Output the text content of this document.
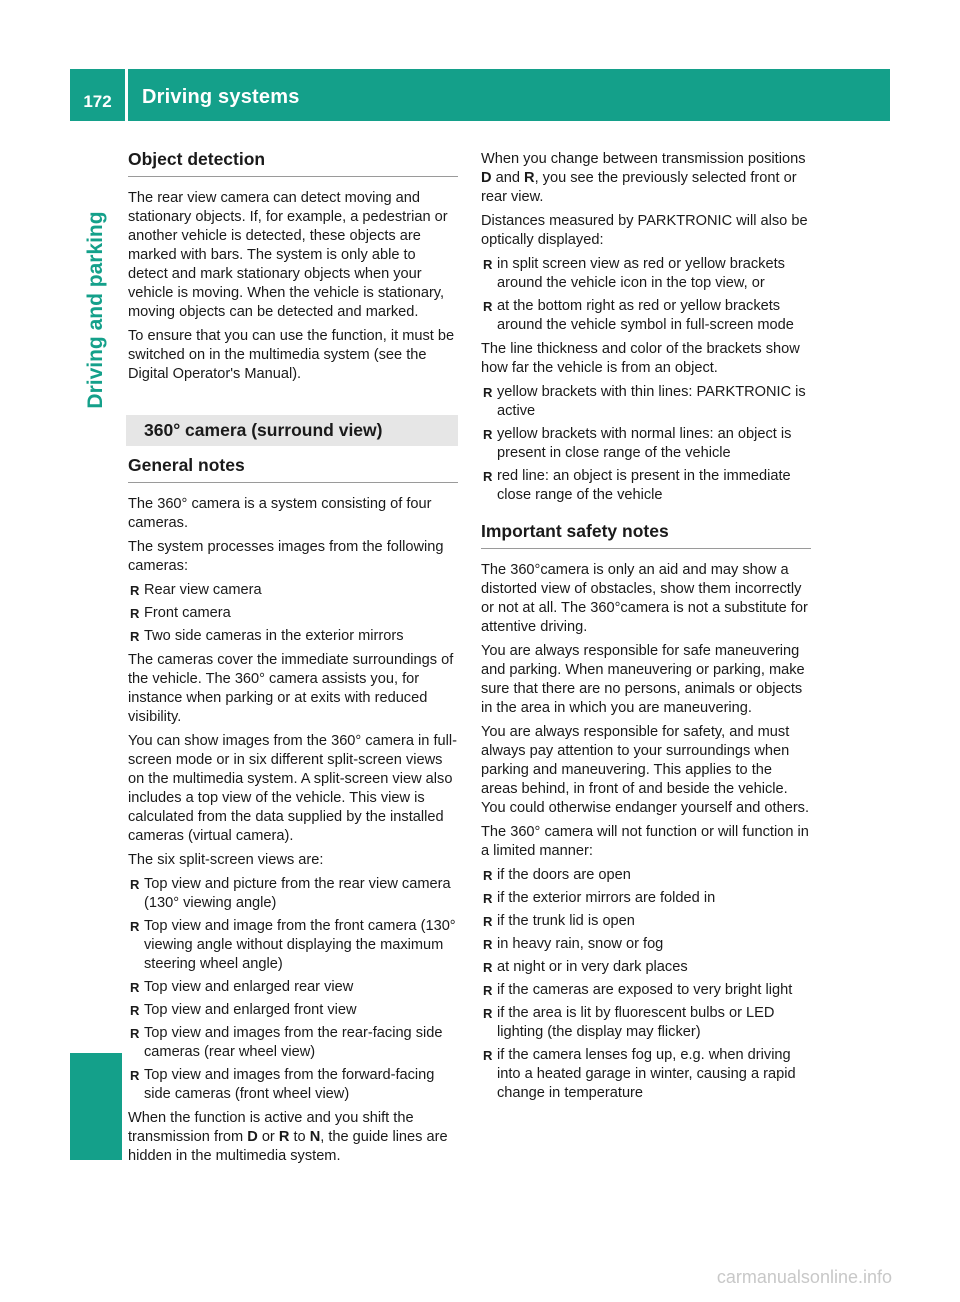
172	Driving systems
Driving and parking
Object detection

The rear view camera can detect moving and stationary objects. If, for example, a pedestrian or another vehicle is detected, these objects are marked with bars. The system is only able to detect and mark stationary objects when your vehicle is moving. When the vehicle is stationary, moving objects can be detected and marked.

To ensure that you can use the function, it must be switched on in the multimedia system (see the Digital Operator's Manual).

360° camera (surround view)
General notes

The 360° camera is a system consisting of four cameras.

The system processes images from the following cameras:

R Rear view camera
R Front camera
R Two side cameras in the exterior mirrors

The cameras cover the immediate surroundings of the vehicle. The 360° camera assists you, for instance when parking or at exits with reduced visibility.

You can show images from the 360° camera in full-screen mode or in six different split-screen views on the multimedia system. A split-screen view also includes a top view of the vehicle. This view is calculated from the data supplied by the installed cameras (virtual camera).

The six split-screen views are:

R Top view and picture from the rear view camera (130° viewing angle)
R Top view and image from the front camera (130° viewing angle without displaying the maximum steering wheel angle)
R Top view and enlarged rear view
R Top view and enlarged front view
R Top view and images from the rear-facing side cameras (rear wheel view)
R Top view and images from the forward-facing side cameras (front wheel view)

When the function is active and you shift the transmission from D or R to N, the guide lines are hidden in the multimedia system.

When you change between transmission positions D and R, you see the previously selected front or rear view.

Distances measured by PARKTRONIC will also be optically displayed:

R in split screen view as red or yellow brackets around the vehicle icon in the top view, or
R at the bottom right as red or yellow brackets around the vehicle symbol in full-screen mode

The line thickness and color of the brackets show how far the vehicle is from an object.

R yellow brackets with thin lines: PARKTRONIC is active
R yellow brackets with normal lines: an object is present in close range of the vehicle
R red line: an object is present in the immediate close range of the vehicle
Important safety notes

The 360°camera is only an aid and may show a distorted view of obstacles, show them incorrectly or not at all. The 360°camera is not a substitute for attentive driving.

You are always responsible for safe maneuvering and parking. When maneuvering or parking, make sure that there are no persons, animals or objects in the area in which you are maneuvering.

You are always responsible for safety, and must always pay attention to your surroundings when parking and maneuvering. This applies to the areas behind, in front of and beside the vehicle. You could otherwise endanger yourself and others.

The 360° camera will not function or will function in a limited manner:

R if the doors are open
R if the exterior mirrors are folded in
R if the trunk lid is open
R in heavy rain, snow or fog
R at night or in very dark places
R if the cameras are exposed to very bright light
R if the area is lit by fluorescent bulbs or LED lighting (the display may flicker)
R if the camera lenses fog up, e.g. when driving into a heated garage in winter, causing a rapid change in temperature
carmanualsonline.info
